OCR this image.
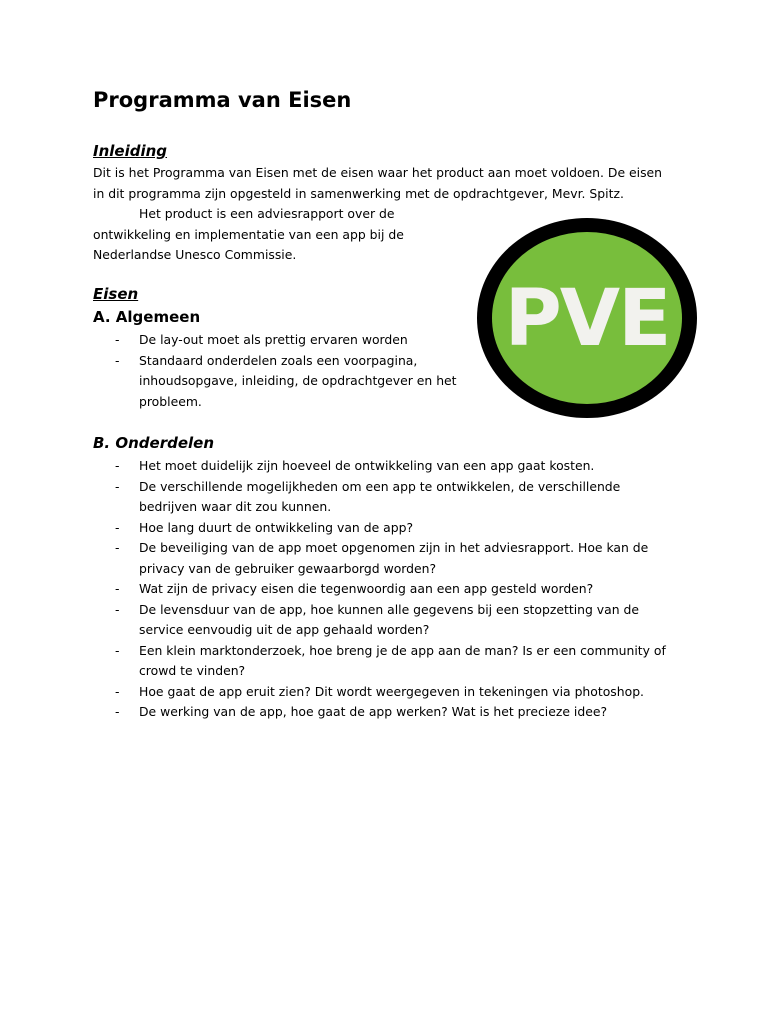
Programma van Eisen
Inleiding

Dit is het Programma van Eisen met de eisen waar het product aan moet voldoen. De eisen

in dit programma zijn opgesteld in samenwerking met de opdrachtgever, Mevr. Spitz.

Het product is een adviesrapport over de

ontwikkeling en implementatie van een app bij de

Nederlandse Unesco Commissie.

Eisen
A. Algemeen
- De lay-out moet als prettig ervaren worden
- Standaard onderdelen zoals een voorpagina,
inhoudsopgave, inleiding, de opdrachtgever en het
probleem.
B. Onderdelen
- Het moet duidelijk zijn hoeveel de ontwikkeling van een app gaat kosten.
- De verschillende mogelijkheden om een app te ontwikkelen, de verschillende
bedrijven waar dit zou kunnen.
- Hoe lang duurt de ontwikkeling van de app?
- De beveiliging van de app moet opgenomen zijn in het adviesrapport. Hoe kan de
privacy van de gebruiker gewaarborgd worden?
- Wat zijn de privacy eisen die tegenwoordig aan een app gesteld worden?
- De levensduur van de app, hoe kunnen alle gegevens bij een stopzetting van de
service eenvoudig uit de app gehaald worden?
- Een klein marktonderzoek, hoe breng je de app aan de man? Is er een community of
crowd te vinden?
- Hoe gaat de app eruit zien? Dit wordt weergegeven in tekeningen via photoshop.
- De werking van de app, hoe gaat de app werken? Wat is het precieze idee?
PVE
